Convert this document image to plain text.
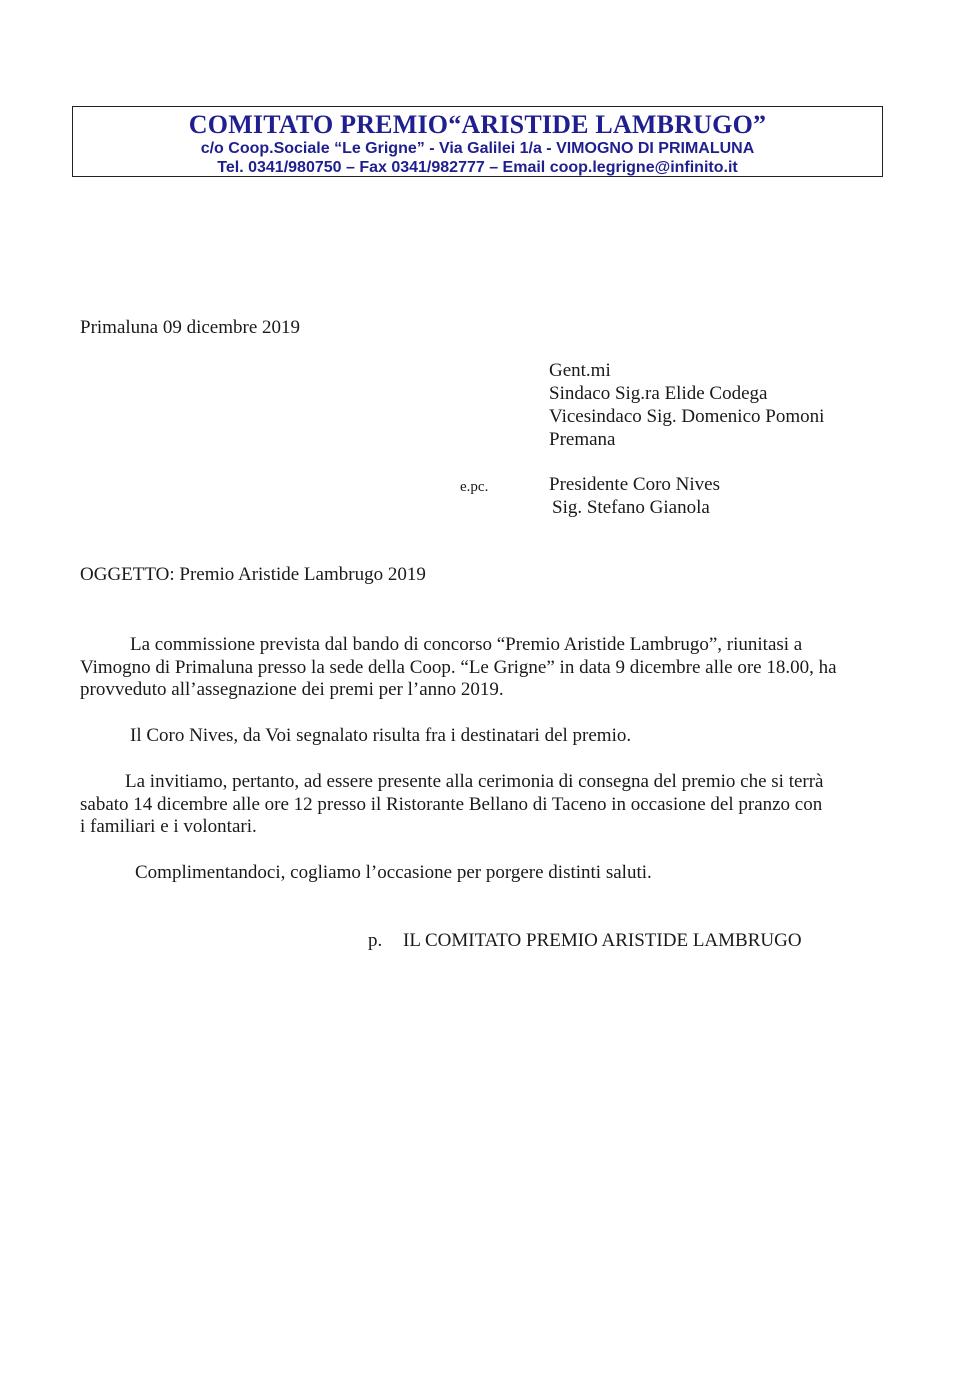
COMITATO PREMIO“ARISTIDE LAMBRUGO”
c/o Coop.Sociale “Le Grigne” - Via Galilei 1/a - VIMOGNO DI PRIMALUNA
Tel. 0341/980750 – Fax 0341/982777 – Email coop.legrigne@infinito.it
Primaluna 09 dicembre 2019
Gent.mi
Sindaco Sig.ra Elide Codega
Vicesindaco Sig. Domenico Pomoni
Premana
e.pc.	Presidente Coro Nives
Sig. Stefano Gianola
OGGETTO: Premio Aristide Lambrugo 2019
La commissione prevista dal bando di concorso “Premio Aristide Lambrugo”, riunitasi a
Vimogno di Primaluna presso la sede della Coop. “Le Grigne” in data 9 dicembre alle ore 18.00, ha
provveduto all’assegnazione dei premi per l’anno 2019.
Il Coro Nives, da Voi segnalato risulta fra i destinatari del premio.
La invitiamo, pertanto, ad essere presente alla cerimonia di consegna del premio che si terrà
sabato 14 dicembre alle ore 12 presso il Ristorante Bellano di Taceno in occasione del pranzo con
i familiari e i volontari.
Complimentandoci, cogliamo l’occasione per porgere distinti saluti.
p. IL COMITATO PREMIO ARISTIDE LAMBRUGO
